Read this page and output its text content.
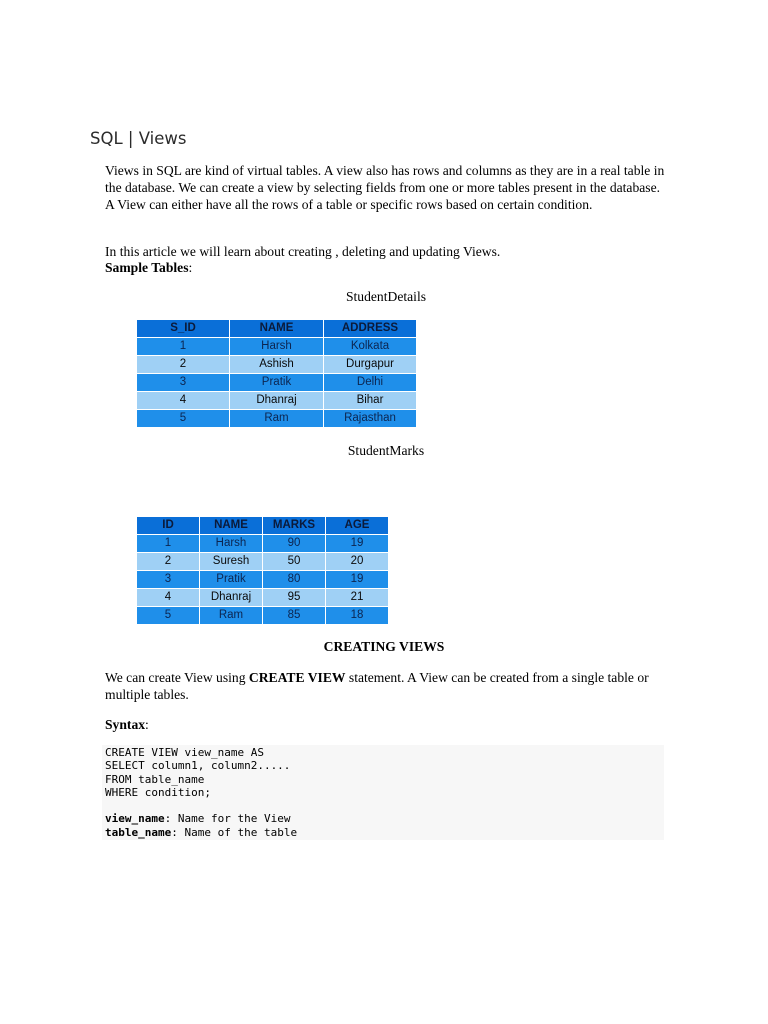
SQL | Views

Views in SQL are kind of virtual tables. A view also has rows and columns as they are in a real table in the database. We can create a view by selecting fields from one or more tables present in the database. A View can either have all the rows of a table or specific rows based on certain condition.

In this article we will learn about creating , deleting and updating Views.

Sample Tables:

StudentDetails

S_ID	NAME	ADDRESS
1	Harsh	Kolkata
2	Ashish	Durgapur
3	Pratik	Delhi
4	Dhanraj	Bihar
5	Ram	Rajasthan

StudentMarks

ID	NAME	MARKS	AGE
1	Harsh	90	19
2	Suresh	50	20
3	Pratik	80	19
4	Dhanraj	95	21
5	Ram	85	18

CREATING VIEWS

We can create View using CREATE VIEW statement. A View can be created from a single table or multiple tables.

Syntax:

CREATE VIEW view_name AS
SELECT column1, column2.....
FROM table_name
WHERE condition;
view_name: Name for the View
table_name: Name of the table
